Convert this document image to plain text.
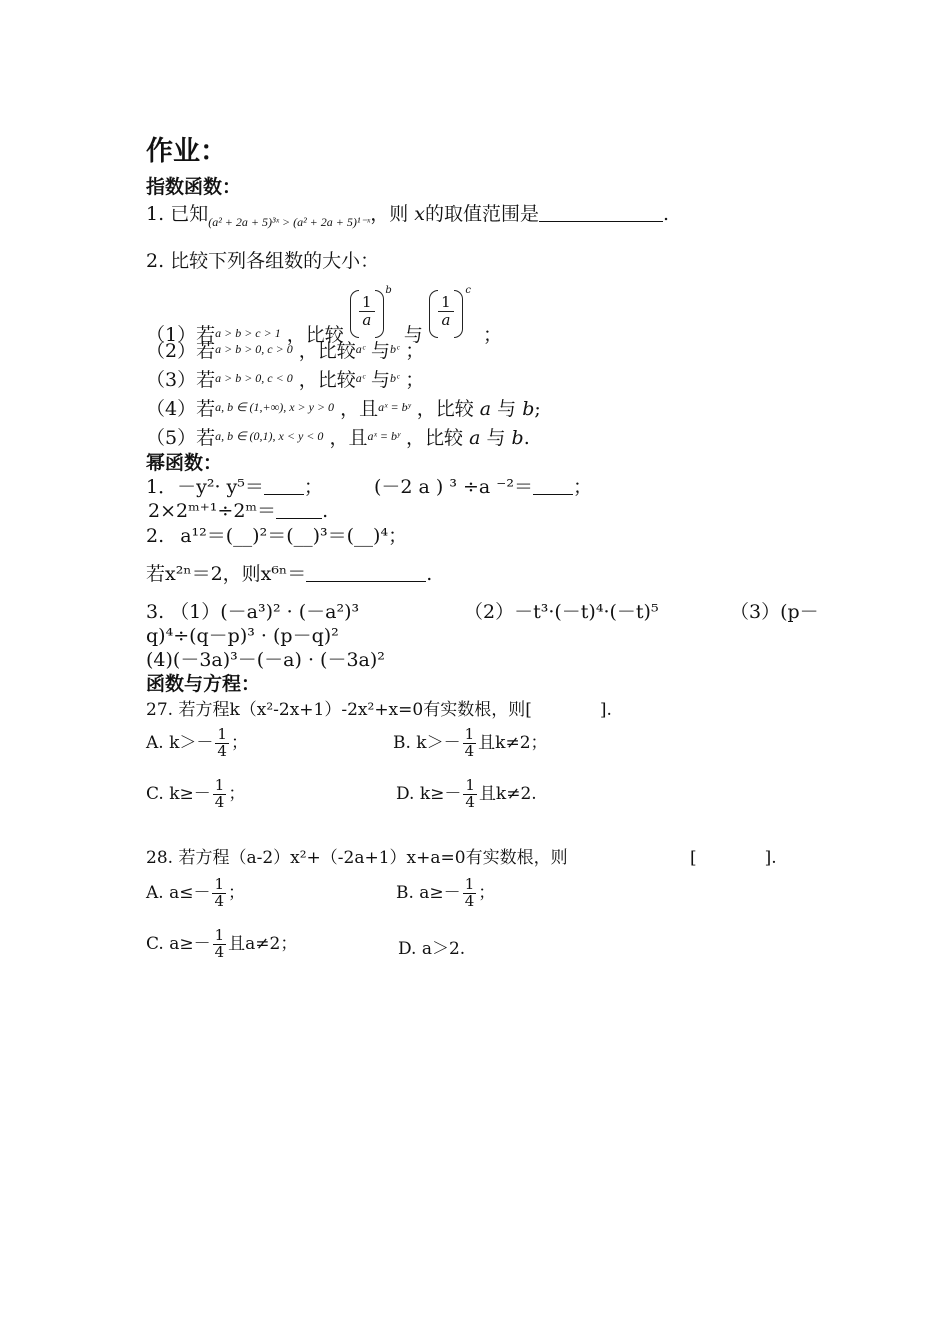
作业：
指数函数：
1. 已知$_{(a^2 + 2a + 5)^3ˣ > (a^2 + 2a + 5)^{1-}ˣ}$，则 x的取值范围是	.
2. 比较下列各组数的大小：
（1）若$_{a > b > c > 1}$ ，比较
1
a
b
与
1
a
c
；
（2）若$^{a > b > 0, c > 0}$ ，比较$^{aᶜ}$ 与$^{bᶜ}$ ；
（3）若$^{a > b > 0, c < 0}$ ，比较$^{aᶜ}$ 与$^{bᶜ}$ ；
（4）若$^{a, b \in (1,+\infty), x > y > 0}$ ，且$^{aˣ = bʸ}$ ，比较 a 与 b;
（5）若$^{a, b \in (0,1), x < y < 0}$ ，且$^{aˣ = bʸ}$ ，比较 a 与 b.
幂函数：
1．－y²· y⁵＝ ；	(－2 a ) ³ ÷a ⁻²＝ ；
2×2ᵐ⁺¹÷2ᵐ＝ .
2. a¹²＝(__)²＝(__)³＝(__)⁴；
若x²ⁿ＝2，则x⁶ⁿ＝	.
3. （1）(－a³)² · (－a²)³	（2）－t³·(－t)⁴·(－t)⁵	（3）(p－
q)⁴÷(q－p)³ · (p－q)²
(4)(－3a)³－(－a) · (－3a)²
函数与方程：
27. 若方程k（x²-2x+1）-2x²+x=0有实数根，则[　　　　].
A. $k>- \frac{1}{4}$ ；	B. $k>- \frac{1}{4}$ 且k≠2；
C. $k\ge- \frac{1}{4}$ ；	D. $k\ge- \frac{1}{4}$ 且k≠2.
28. 若方程（a-2）x²+（-2a+1）x+a=0有实数根，则	[　　　　].
A. $a\le- \frac{1}{4}$ ；	B. $a\ge- \frac{1}{4}$ ；
C. $a\ge- \frac{1}{4}$ 且a≠2；	D. a＞2.
